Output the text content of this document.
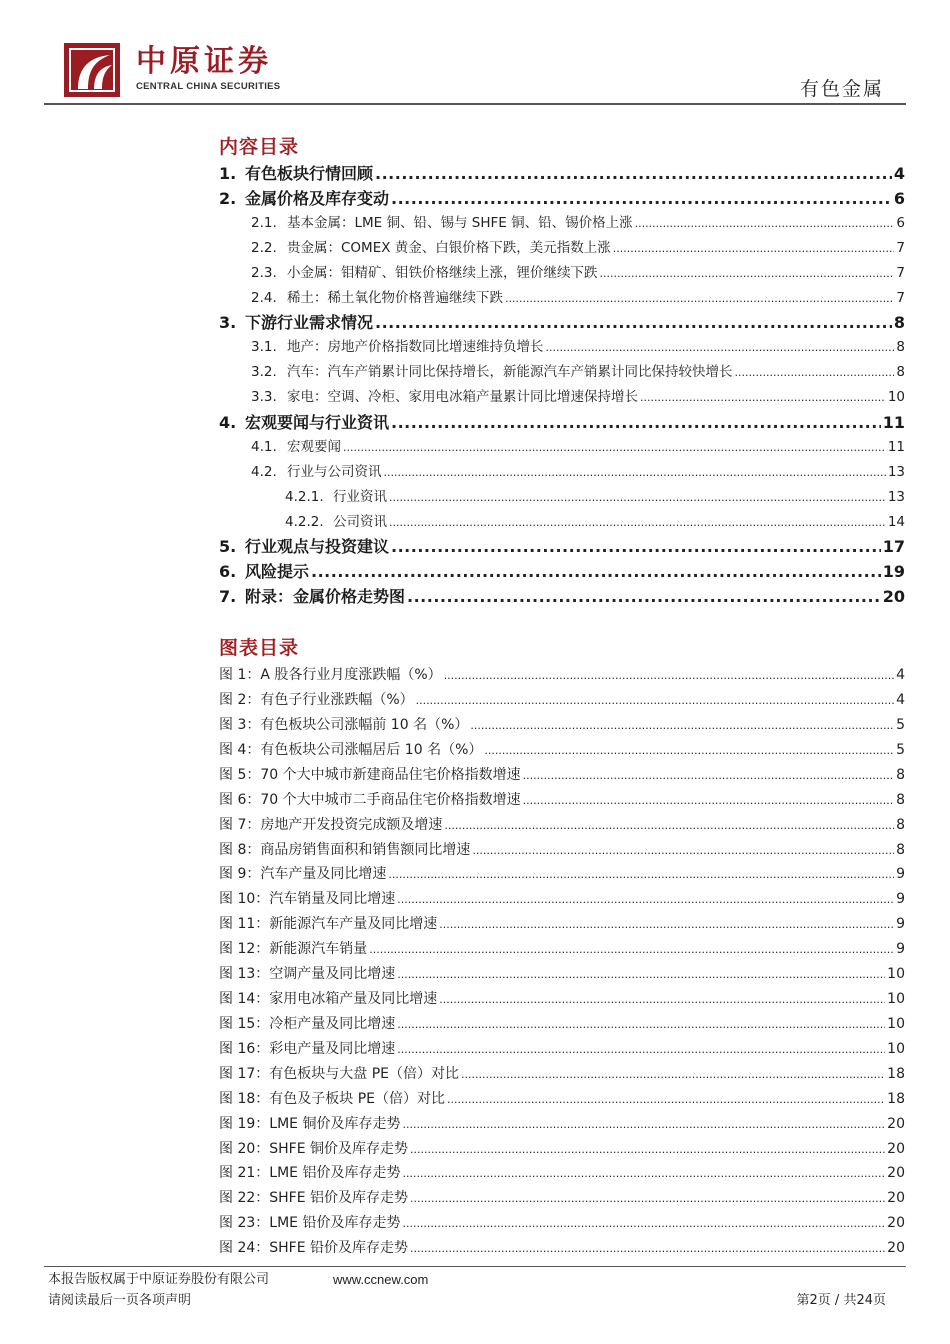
中原证券
CENTRAL CHINA SECURITIES	有色金属
内容目录
1. 有色板块行情回顾 .....	4
2. 金属价格及库存变动 .....	6
2.1. 基本金属：LME 铜、铅、锡与 SHFE 铜、铅、锡价格上涨 .....	6
2.2. 贵金属：COMEX 黄金、白银价格下跌，美元指数上涨 .....	7
2.3. 小金属：钼精矿、钼铁价格继续上涨，锂价继续下跌 .....	7
2.4. 稀土：稀土氧化物价格普遍继续下跌 .....	7
3. 下游行业需求情况 .....	8
3.1. 地产：房地产价格指数同比增速维持负增长 .....	8
3.2. 汽车：汽车产销累计同比保持增长，新能源汽车产销累计同比保持较快增长 .....	8
3.3. 家电：空调、冷柜、家用电冰箱产量累计同比增速保持增长 .....	10
4. 宏观要闻与行业资讯 .....	11
4.1. 宏观要闻 .....	11
4.2. 行业与公司资讯 .....	13
4.2.1. 行业资讯 .....	13
4.2.2. 公司资讯 .....	14
5. 行业观点与投资建议 .....	17
6. 风险提示 .....	19
7. 附录：金属价格走势图 .....	20
图表目录
图 1：A 股各行业月度涨跌幅（%） .....	4
图 2：有色子行业涨跌幅（%） .....	4
图 3：有色板块公司涨幅前 10 名（%） .....	5
图 4：有色板块公司涨幅居后 10 名（%） .....	5
图 5：70 个大中城市新建商品住宅价格指数增速 .....	8
图 6：70 个大中城市二手商品住宅价格指数增速 .....	8
图 7：房地产开发投资完成额及增速 .....	8
图 8：商品房销售面积和销售额同比增速 .....	8
图 9：汽车产量及同比增速 .....	9
图 10：汽车销量及同比增速 .....	9
图 11：新能源汽车产量及同比增速 .....	9
图 12：新能源汽车销量 .....	9
图 13：空调产量及同比增速 .....	10
图 14：家用电冰箱产量及同比增速 .....	10
图 15：冷柜产量及同比增速 .....	10
图 16：彩电产量及同比增速 .....	10
图 17：有色板块与大盘 PE（倍）对比 .....	18
图 18：有色及子板块 PE（倍）对比 .....	18
图 19：LME 铜价及库存走势 .....	20
图 20：SHFE 铜价及库存走势 .....	20
图 21：LME 铝价及库存走势 .....	20
图 22：SHFE 铝价及库存走势 .....	20
图 23：LME 铅价及库存走势 .....	20
图 24：SHFE 铅价及库存走势 .....	20
本报告版权属于中原证券股份有限公司	www.ccnew.com
请阅读最后一页各项声明	第2页 / 共24页
